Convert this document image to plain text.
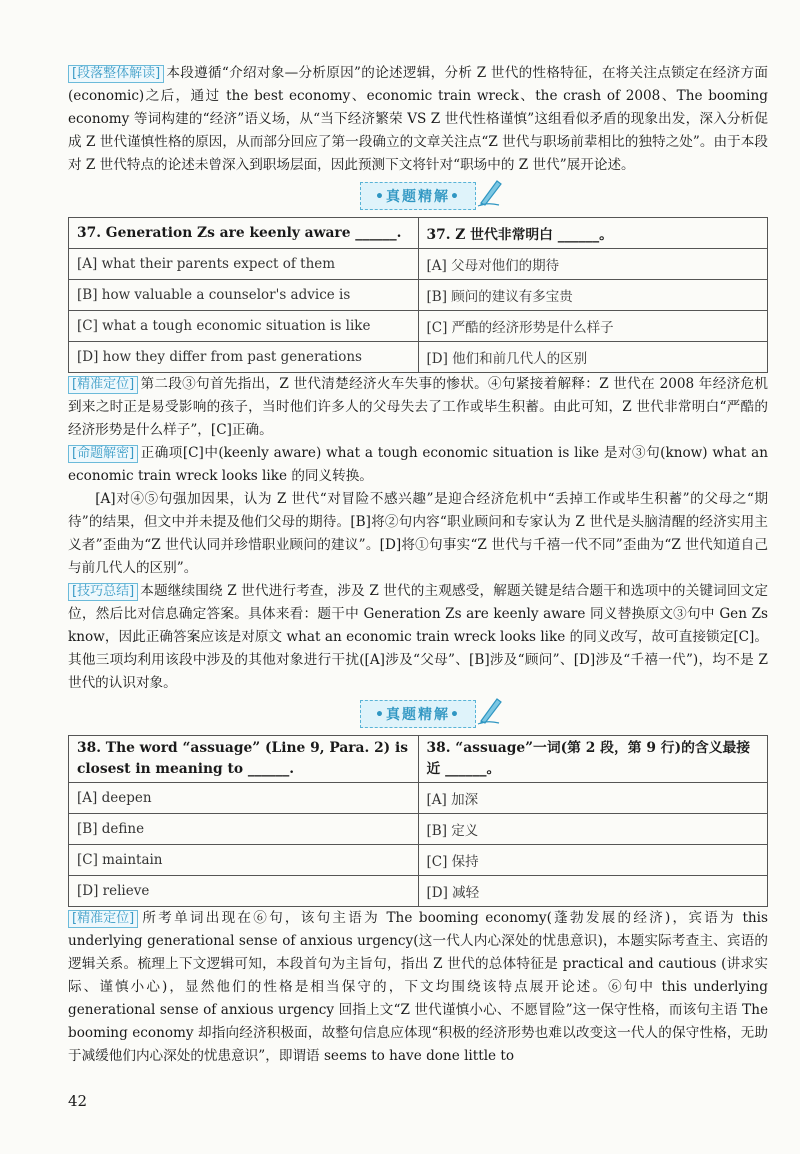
[段落整体解读] 本段遵循“介绍对象—分析原因”的论述逻辑，分析 Z 世代的性格特征，在将关注点锁定在经济方面(economic)之后，通过 the best economy、economic train wreck、the crash of 2008、The booming economy 等词构建的“经济”语义场，从“当下经济繁荣 VS Z 世代性格谨慎”这组看似矛盾的现象出发，深入分析促成 Z 世代谨慎性格的原因，从而部分回应了第一段确立的文章关注点“Z 世代与职场前辈相比的独特之处”。由于本段对 Z 世代特点的论述未曾深入到职场层面，因此预测下文将针对“职场中的 Z 世代”展开论述。

•真题精解•
37. Generation Zs are keenly aware ______.	37. Z 世代非常明白 ______。
[A] what their parents expect of them	[A] 父母对他们的期待
[B] how valuable a counselor's advice is	[B] 顾问的建议有多宝贵
[C] what a tough economic situation is like	[C] 严酷的经济形势是什么样子
[D] how they differ from past generations	[D] 他们和前几代人的区别

[精准定位] 第二段③句首先指出，Z 世代清楚经济火车失事的惨状。④句紧接着解释：Z 世代在 2008 年经济危机到来之时正是易受影响的孩子，当时他们许多人的父母失去了工作或毕生积蓄。由此可知，Z 世代非常明白“严酷的经济形势是什么样子”，[C]正确。

[命题解密] 正确项[C]中(keenly aware) what a tough economic situation is like 是对③句(know) what an economic train wreck looks like 的同义转换。

[A]对④⑤句强加因果，认为 Z 世代“对冒险不感兴趣”是迎合经济危机中“丢掉工作或毕生积蓄”的父母之“期待”的结果，但文中并未提及他们父母的期待。[B]将②句内容“职业顾问和专家认为 Z 世代是头脑清醒的经济实用主义者”歪曲为“Z 世代认同并珍惜职业顾问的建议”。[D]将①句事实“Z 世代与千禧一代不同”歪曲为“Z 世代知道自己与前几代人的区别”。

[技巧总结] 本题继续围绕 Z 世代进行考查，涉及 Z 世代的主观感受，解题关键是结合题干和选项中的关键词回文定位，然后比对信息确定答案。具体来看：题干中 Generation Zs are keenly aware 同义替换原文③句中 Gen Zs know，因此正确答案应该是对原文 what an economic train wreck looks like 的同义改写，故可直接锁定[C]。其他三项均利用该段中涉及的其他对象进行干扰([A]涉及“父母”、[B]涉及“顾问”、[D]涉及“千禧一代”)，均不是 Z 世代的认识对象。

•真题精解•
38. The word “assuage” (Line 9, Para. 2) is closest in meaning to ______.	38. “assuage”一词(第 2 段，第 9 行)的含义最接近 ______。
[A] deepen	[A] 加深
[B] define	[B] 定义
[C] maintain	[C] 保持
[D] relieve	[D] 减轻

[精准定位] 所考单词出现在⑥句，该句主语为 The booming economy(蓬勃发展的经济)，宾语为 this underlying generational sense of anxious urgency(这一代人内心深处的忧患意识)，本题实际考查主、宾语的逻辑关系。梳理上下文逻辑可知，本段首句为主旨句，指出 Z 世代的总体特征是 practical and cautious (讲求实际、谨慎小心)，显然他们的性格是相当保守的，下文均围绕该特点展开论述。⑥句中 this underlying generational sense of anxious urgency 回指上文“Z 世代谨慎小心、不愿冒险”这一保守性格，而该句主语 The booming economy 却指向经济积极面，故整句信息应体现“积极的经济形势也难以改变这一代人的保守性格，无助于减缓他们内心深处的忧患意识”，即谓语 seems to have done little to

42
